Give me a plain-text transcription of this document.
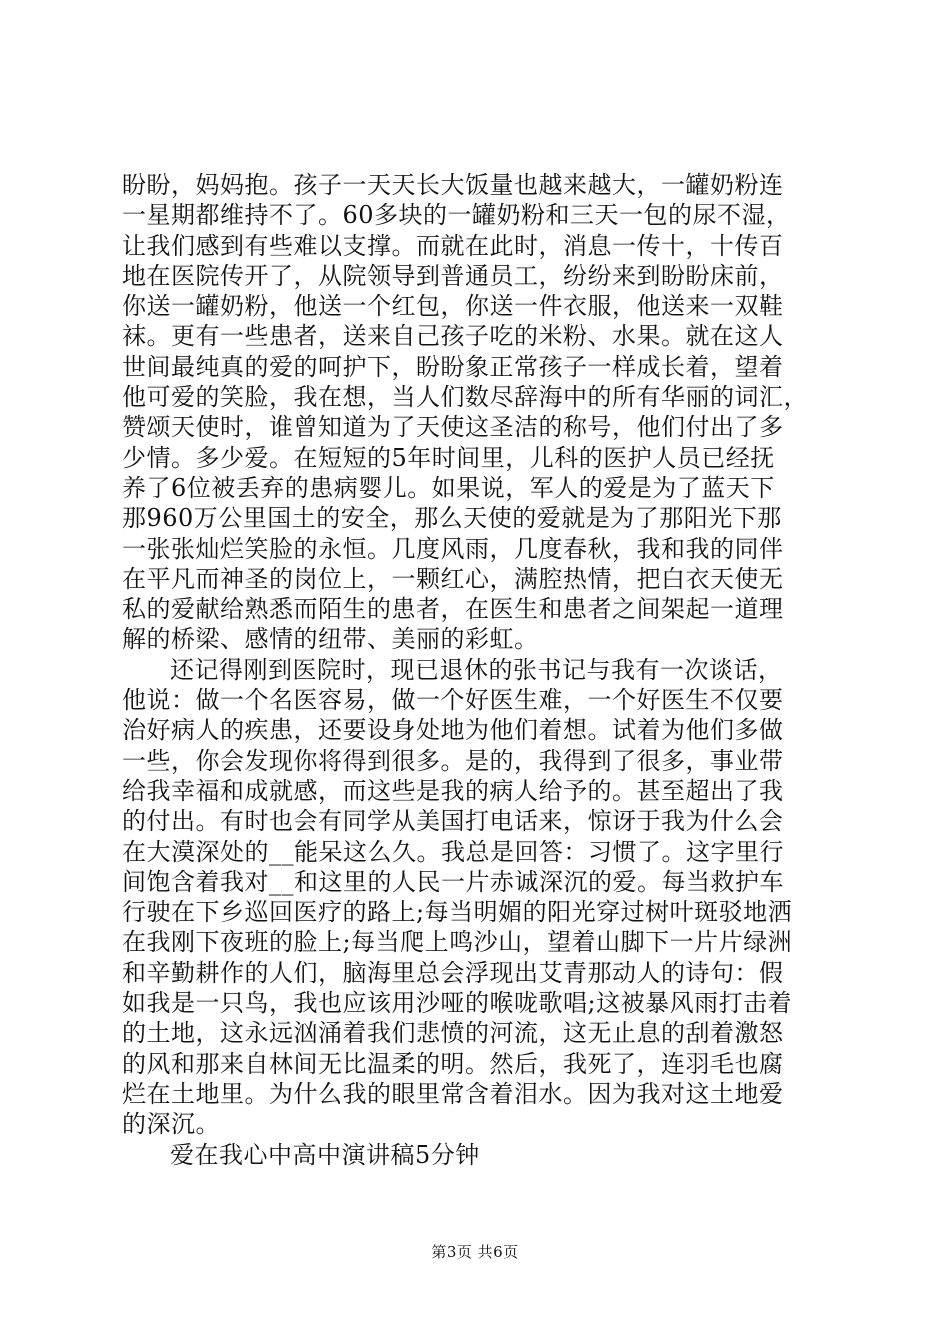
盼盼，妈妈抱。孩子一天天长大饭量也越来越大，一罐奶粉连
一星期都维持不了。60多块的一罐奶粉和三天一包的尿不湿，
让我们感到有些难以支撑。而就在此时，消息一传十，十传百
地在医院传开了，从院领导到普通员工，纷纷来到盼盼床前，
你送一罐奶粉，他送一个红包，你送一件衣服，他送来一双鞋
袜。更有一些患者，送来自己孩子吃的米粉、水果。就在这人
世间最纯真的爱的呵护下，盼盼象正常孩子一样成长着，望着
他可爱的笑脸，我在想，当人们数尽辞海中的所有华丽的词汇，
赞颂天使时，谁曾知道为了天使这圣洁的称号，他们付出了多
少情。多少爱。在短短的5年时间里，儿科的医护人员已经抚
养了6位被丢弃的患病婴儿。如果说，军人的爱是为了蓝天下
那960万公里国土的安全，那么天使的爱就是为了那阳光下那
一张张灿烂笑脸的永恒。几度风雨，几度春秋，我和我的同伴
在平凡而神圣的岗位上，一颗红心，满腔热情，把白衣天使无
私的爱献给熟悉而陌生的患者，在医生和患者之间架起一道理
解的桥梁、感情的纽带、美丽的彩虹。
还记得刚到医院时，现已退休的张书记与我有一次谈话，
他说：做一个名医容易，做一个好医生难，一个好医生不仅要
治好病人的疾患，还要设身处地为他们着想。试着为他们多做
一些，你会发现你将得到很多。是的，我得到了很多，事业带
给我幸福和成就感，而这些是我的病人给予的。甚至超出了我
的付出。有时也会有同学从美国打电话来，惊讶于我为什么会
在大漠深处的__能呆这么久。我总是回答：习惯了。这字里行
间饱含着我对__和这里的人民一片赤诚深沉的爱。每当救护车
行驶在下乡巡回医疗的路上;每当明媚的阳光穿过树叶斑驳地洒
在我刚下夜班的脸上;每当爬上鸣沙山，望着山脚下一片片绿洲
和辛勤耕作的人们，脑海里总会浮现出艾青那动人的诗句：假
如我是一只鸟，我也应该用沙哑的喉咙歌唱;这被暴风雨打击着
的土地，这永远汹涌着我们悲愤的河流，这无止息的刮着激怒
的风和那来自林间无比温柔的明。然后，我死了，连羽毛也腐
烂在土地里。为什么我的眼里常含着泪水。因为我对这土地爱
的深沉。
爱在我心中高中演讲稿5分钟
第3页 共6页
